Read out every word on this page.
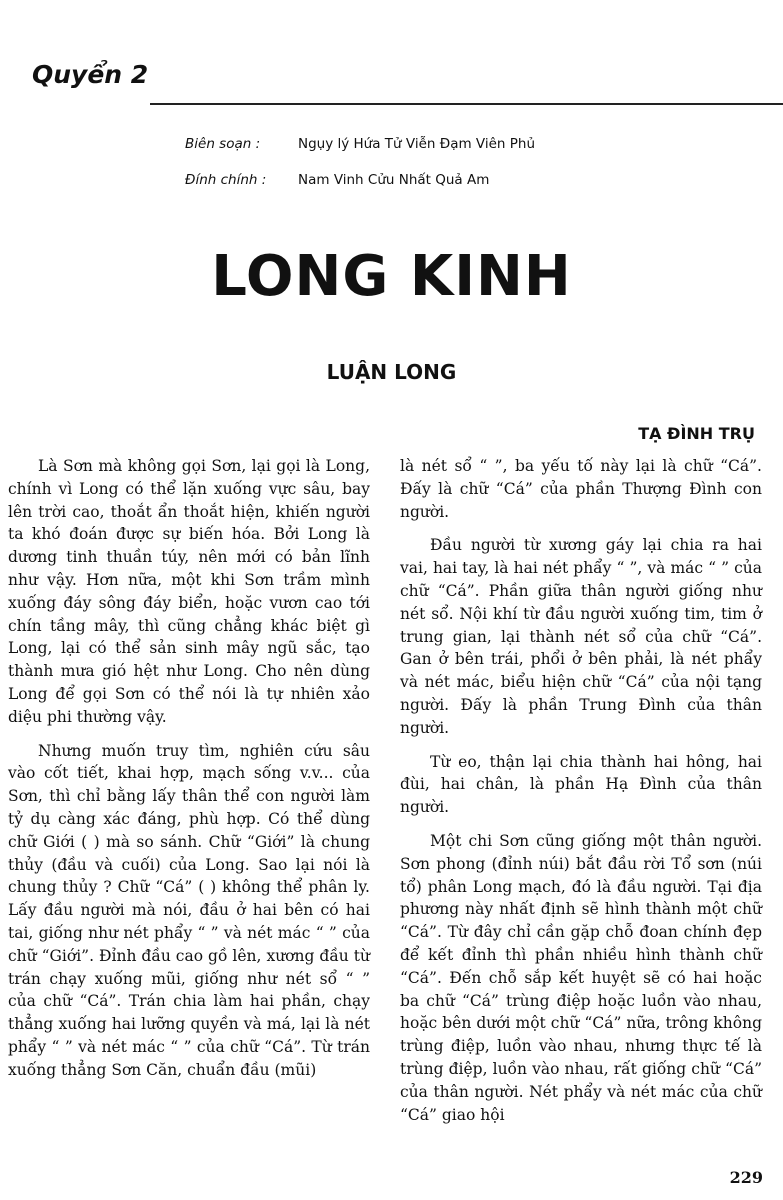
Quyển 2
Biên soạn :	Ngụy lý Hứa Tử Viễn Đạm Viên Phủ
Đính chính :	Nam Vinh Cửu Nhất Quả Am
LONG KINH
LUẬN LONG
TẠ ĐÌNH TRỤ

Là Sơn mà không gọi Sơn, lại gọi là Long, chính vì Long có thể lặn xuống vực sâu, bay lên trời cao, thoắt ẩn thoắt hiện, khiến người ta khó đoán được sự biến hóa. Bởi Long là dương tinh thuần túy, nên mới có bản lĩnh như vậy. Hơn nữa, một khi Sơn trầm mình xuống đáy sông đáy biển, hoặc vươn cao tới chín tầng mây, thì cũng chẳng khác biệt gì Long, lại có thể sản sinh mây ngũ sắc, tạo thành mưa gió hệt như Long. Cho nên dùng Long để gọi Sơn có thể nói là tự nhiên xảo diệu phi thường vậy.

Nhưng muốn truy tìm, nghiên cứu sâu vào cốt tiết, khai hợp, mạch sống v.v... của Sơn, thì chỉ bằng lấy thân thể con người làm tỷ dụ càng xác đáng, phù hợp. Có thể dùng chữ Giới ( ) mà so sánh. Chữ “Giới” là chung thủy (đầu và cuối) của Long. Sao lại nói là chung thủy ? Chữ “Cá” ( ) không thể phân ly. Lấy đầu người mà nói, đầu ở hai bên có hai tai, giống như nét phẩy “ ” và nét mác “ ” của chữ “Giới”. Đỉnh đầu cao gồ lên, xương đầu từ trán chạy xuống mũi, giống như nét sổ “ ” của chữ “Cá”. Trán chia làm hai phần, chạy thẳng xuống hai lưỡng quyền và má, lại là nét phẩy “ ” và nét mác “ ” của chữ “Cá”. Từ trán xuống thẳng Sơn Căn, chuẩn đầu (mũi)

là nét sổ “ ”, ba yếu tố này lại là chữ “Cá”. Đấy là chữ “Cá” của phần Thượng Đình con người.

Đầu người từ xương gáy lại chia ra hai vai, hai tay, là hai nét phẩy “ ”, và mác “ ” của chữ “Cá”. Phần giữa thân người giống như nét sổ. Nội khí từ đầu người xuống tim, tim ở trung gian, lại thành nét sổ của chữ “Cá”. Gan ở bên trái, phổi ở bên phải, là nét phẩy và nét mác, biểu hiện chữ “Cá” của nội tạng người. Đấy là phần Trung Đình của thân người.

Từ eo, thận lại chia thành hai hông, hai đùi, hai chân, là phần Hạ Đình của thân người.

Một chi Sơn cũng giống một thân người. Sơn phong (đỉnh núi) bắt đầu rời Tổ sơn (núi tổ) phân Long mạch, đó là đầu người. Tại địa phương này nhất định sẽ hình thành một chữ “Cá”. Từ đây chỉ cần gặp chỗ đoan chính đẹp để kết đỉnh thì phần nhiều hình thành chữ “Cá”. Đến chỗ sắp kết huyệt sẽ có hai hoặc ba chữ “Cá” trùng điệp hoặc luồn vào nhau, hoặc bên dưới một chữ “Cá” nữa, trông không trùng điệp, luồn vào nhau, nhưng thực tế là trùng điệp, luồn vào nhau, rất giống chữ “Cá” của thân người. Nét phẩy và nét mác của chữ “Cá” giao hội

229
